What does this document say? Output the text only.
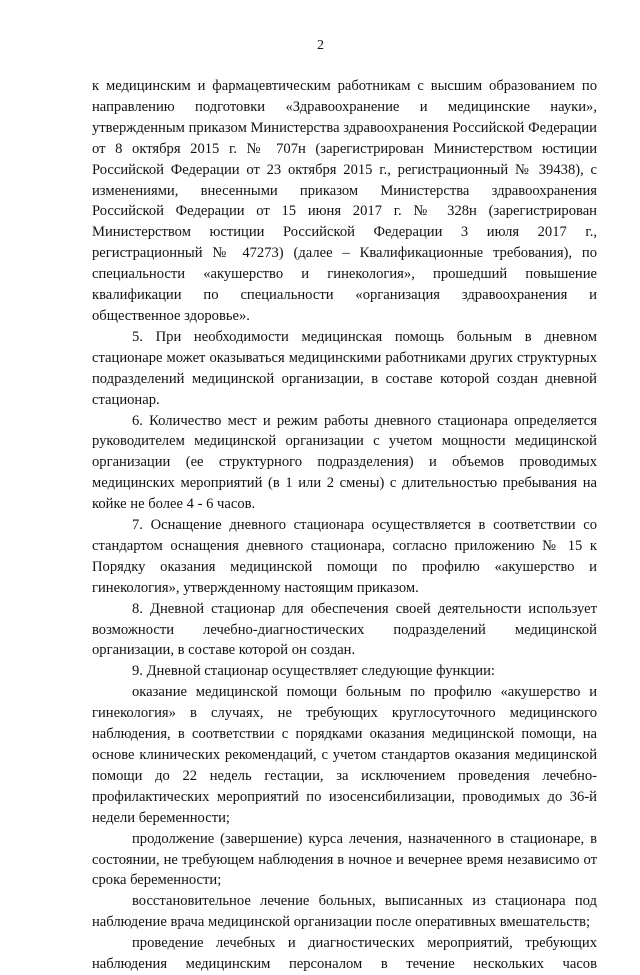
2

к медицинским и фармацевтическим работникам с высшим образованием по направлению подготовки «Здравоохранение и медицинские науки», утвержденным приказом Министерства здравоохранения Российской Федерации от 8 октября 2015 г. № 707н (зарегистрирован Министерством юстиции Российской Федерации от 23 октября 2015 г., регистрационный № 39438), с изменениями, внесенными приказом Министерства здравоохранения Российской Федерации от 15 июня 2017 г. № 328н (зарегистрирован Министерством юстиции Российской Федерации 3 июля 2017 г., регистрационный № 47273) (далее – Квалификационные требования), по специальности «акушерство и гинекология», прошедший повышение квалификации по специальности «организация здравоохранения и общественное здоровье».

5. При необходимости медицинская помощь больным в дневном стационаре может оказываться медицинскими работниками других структурных подразделений медицинской организации, в составе которой создан дневной стационар.

6. Количество мест и режим работы дневного стационара определяется руководителем медицинской организации с учетом мощности медицинской организации (ее структурного подразделения) и объемов проводимых медицинских мероприятий (в 1 или 2 смены) с длительностью пребывания на койке не более 4 - 6 часов.

7. Оснащение дневного стационара осуществляется в соответствии со стандартом оснащения дневного стационара, согласно приложению № 15 к Порядку оказания медицинской помощи по профилю «акушерство и гинекология», утвержденному настоящим приказом.

8. Дневной стационар для обеспечения своей деятельности использует возможности лечебно-диагностических подразделений медицинской организации, в составе которой он создан.

9. Дневной стационар осуществляет следующие функции:

оказание медицинской помощи больным по профилю «акушерство и гинекология» в случаях, не требующих круглосуточного медицинского наблюдения, в соответствии с порядками оказания медицинской помощи, на основе клинических рекомендаций, с учетом стандартов оказания медицинской помощи до 22 недель гестации, за исключением проведения лечебно-профилактических мероприятий по изосенсибилизации, проводимых до 36-й недели беременности;

продолжение (завершение) курса лечения, назначенного в стационаре, в состоянии, не требующем наблюдения в ночное и вечернее время независимо от срока беременности;

восстановительное лечение больных, выписанных из стационара под наблюдение врача медицинской организации после оперативных вмешательств;

проведение лечебных и диагностических мероприятий, требующих наблюдения медицинским персоналом в течение нескольких часов
